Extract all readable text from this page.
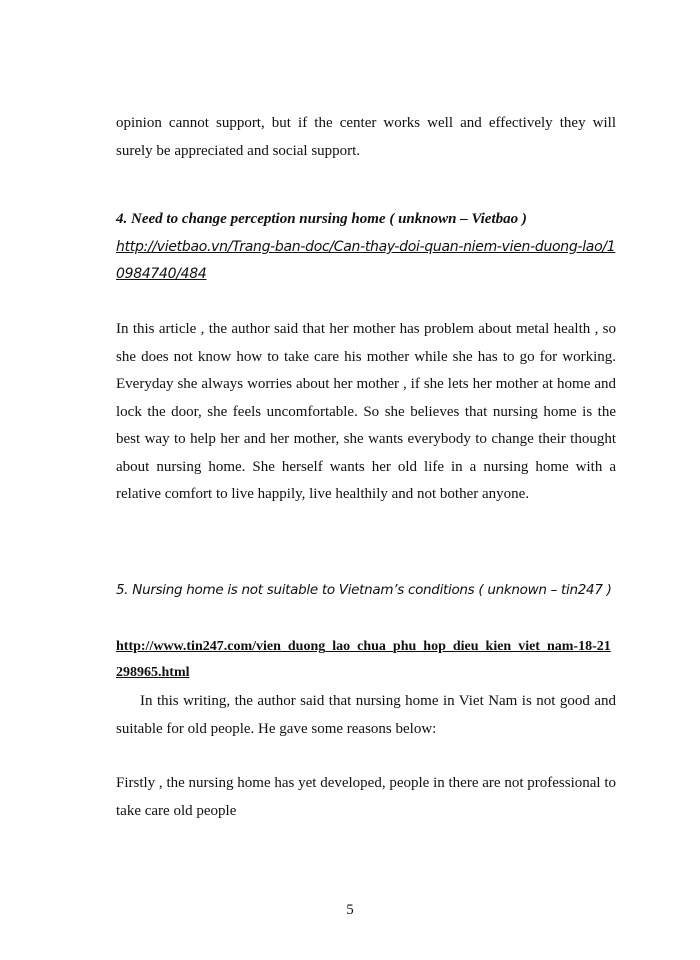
opinion cannot support, but if the center works well and effectively they will surely be appreciated and social support.

4. Need to change perception nursing home ( unknown – Vietbao )

http://vietbao.vn/Trang-ban-doc/Can-thay-doi-quan-niem-vien-duong-lao/10984740/484

In this article , the author said that her mother has problem about metal health , so she does not know how to take care his mother while she has to go for working. Everyday she always worries about her mother , if she lets her mother at home and lock the door, she feels uncomfortable. So she believes that nursing home is the best way to help her and her mother, she wants everybody to change their thought about nursing home. She herself wants her old life in a nursing home with a relative comfort to live happily, live healthily and not bother anyone.

5. Nursing home is not suitable to Vietnam’s conditions ( unknown – tin247 )

http://www.tin247.com/vien_duong_lao_chua_phu_hop_dieu_kien_viet_nam-18-21298965.html

In this writing, the author said that nursing home in Viet Nam is not good and suitable for old people. He gave some reasons below:

Firstly , the nursing home has yet developed, people in there are not professional to take care old people

5
